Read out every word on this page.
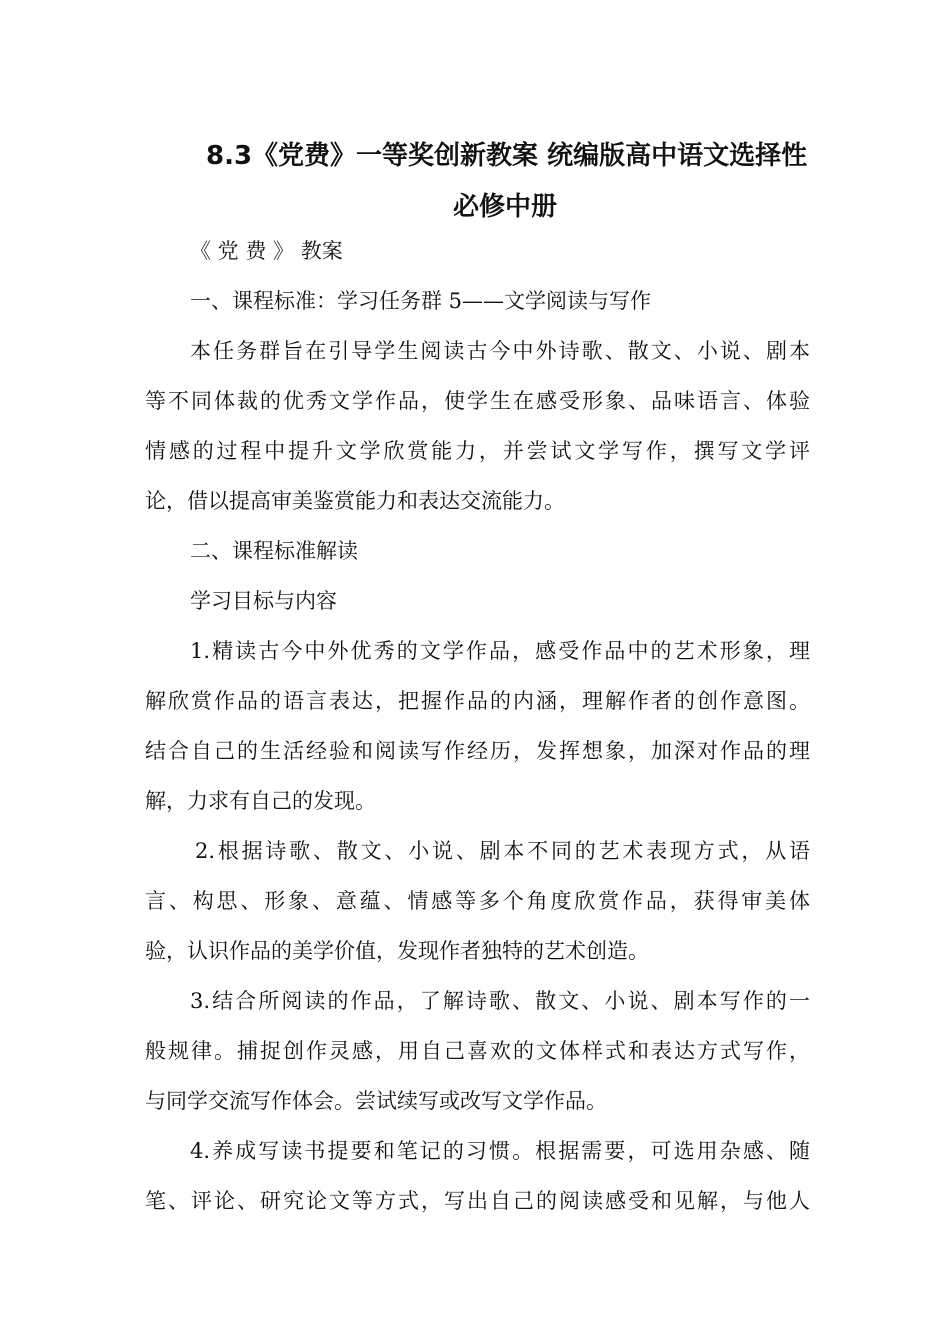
8.3《党费》一等奖创新教案 统编版高中语文选择性
必修中册
《 党 费 》 教案
一、课程标准：学习任务群 5——文学阅读与写作
本任务群旨在引导学生阅读古今中外诗歌、散文、小说、剧本
等不同体裁的优秀文学作品，使学生在感受形象、品味语言、体验
情感的过程中提升文学欣赏能力，并尝试文学写作，撰写文学评
论，借以提高审美鉴赏能力和表达交流能力。
二、课程标准解读
学习目标与内容
1.精读古今中外优秀的文学作品，感受作品中的艺术形象，理
解欣赏作品的语言表达，把握作品的内涵，理解作者的创作意图。
结合自己的生活经验和阅读写作经历，发挥想象，加深对作品的理
解，力求有自己的发现。
2.根据诗歌、散文、小说、剧本不同的艺术表现方式，从语
言、构思、形象、意蕴、情感等多个角度欣赏作品，获得审美体
验，认识作品的美学价值，发现作者独特的艺术创造。
3.结合所阅读的作品，了解诗歌、散文、小说、剧本写作的一
般规律。捕捉创作灵感，用自己喜欢的文体样式和表达方式写作，
与同学交流写作体会。尝试续写或改写文学作品。
4.养成写读书提要和笔记的习惯。根据需要，可选用杂感、随
笔、评论、研究论文等方式，写出自己的阅读感受和见解，与他人
